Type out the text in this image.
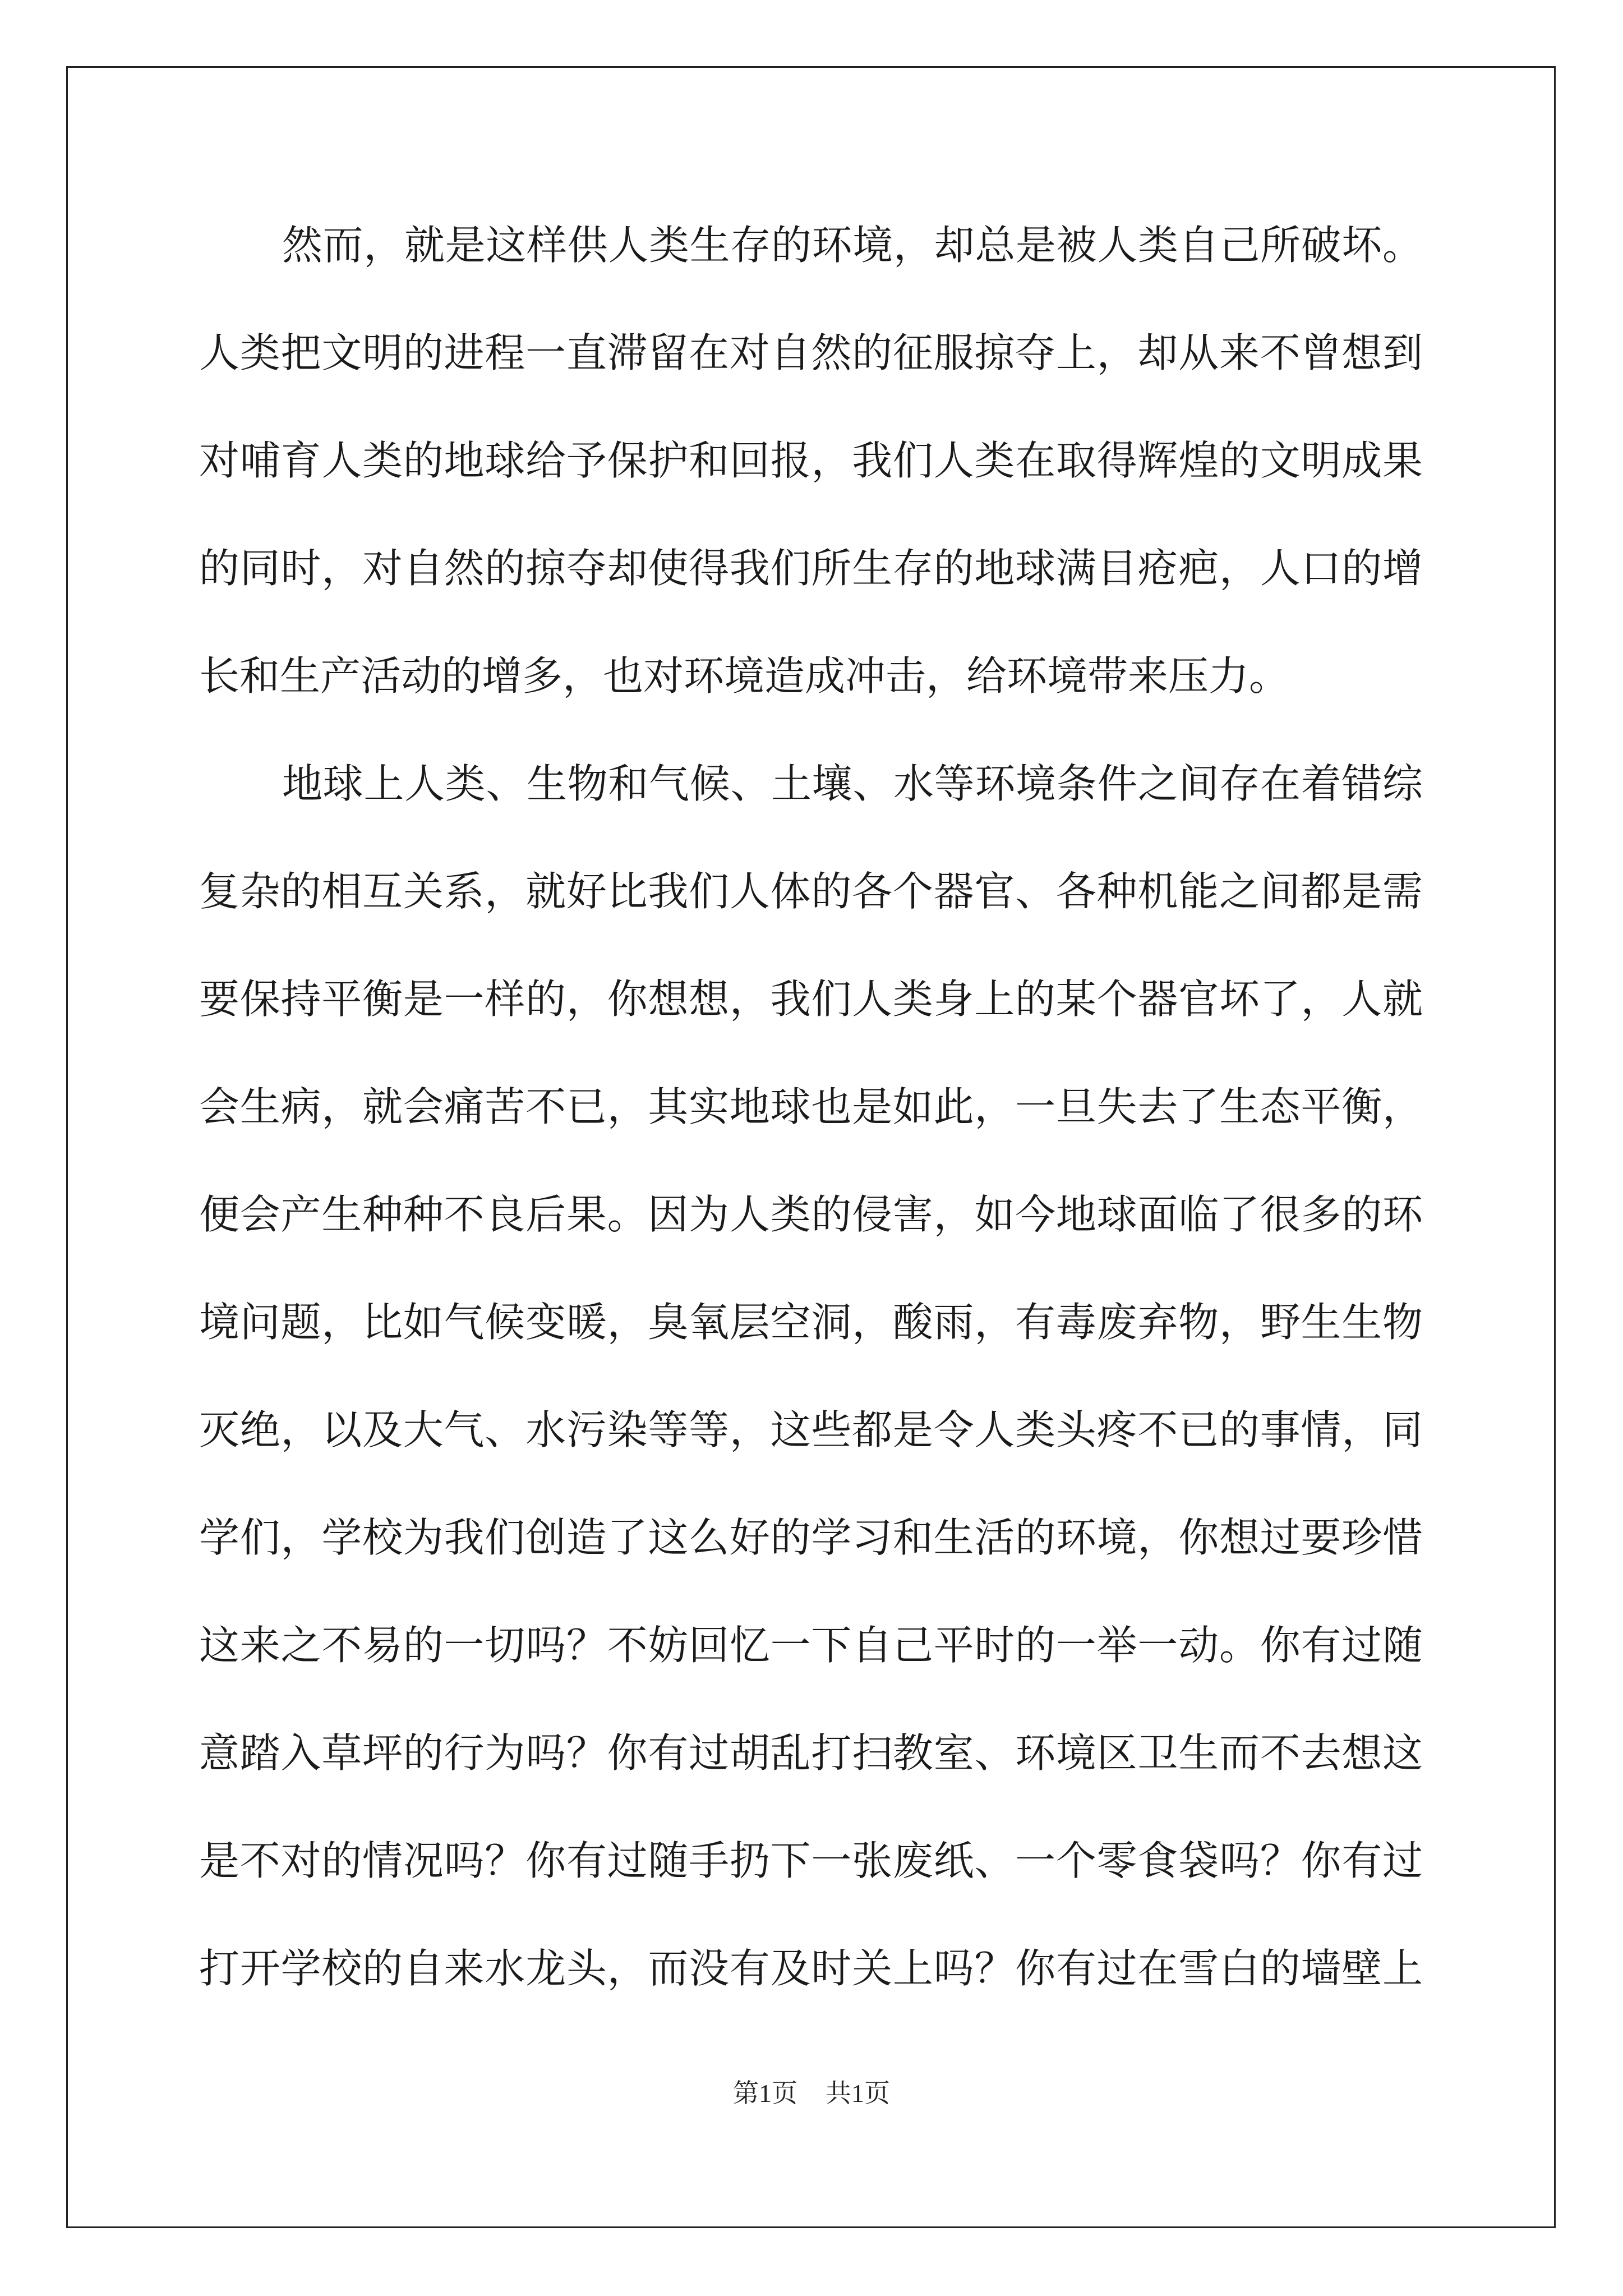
然而，就是这样供人类生存的环境，却总是被人类自己所破坏。
人类把文明的进程一直滞留在对自然的征服掠夺上，却从来不曾想到
对哺育人类的地球给予保护和回报，我们人类在取得辉煌的文明成果
的同时，对自然的掠夺却使得我们所生存的地球满目疮疤，人口的增
长和生产活动的增多，也对环境造成冲击，给环境带来压力。
地球上人类、生物和气候、土壤、水等环境条件之间存在着错综
复杂的相互关系，就好比我们人体的各个器官、各种机能之间都是需
要保持平衡是一样的，你想想，我们人类身上的某个器官坏了，人就
会生病，就会痛苦不已，其实地球也是如此，一旦失去了生态平衡，
便会产生种种不良后果。因为人类的侵害，如今地球面临了很多的环
境问题，比如气候变暖，臭氧层空洞，酸雨，有毒废弃物，野生生物
灭绝，以及大气、水污染等等，这些都是令人类头疼不已的事情，同
学们，学校为我们创造了这么好的学习和生活的环境，你想过要珍惜
这来之不易的一切吗？不妨回忆一下自己平时的一举一动。你有过随
意踏入草坪的行为吗？你有过胡乱打扫教室、环境区卫生而不去想这
是不对的情况吗？你有过随手扔下一张废纸、一个零食袋吗？你有过
打开学校的自来水龙头，而没有及时关上吗？你有过在雪白的墙壁上
第1页 共1页
